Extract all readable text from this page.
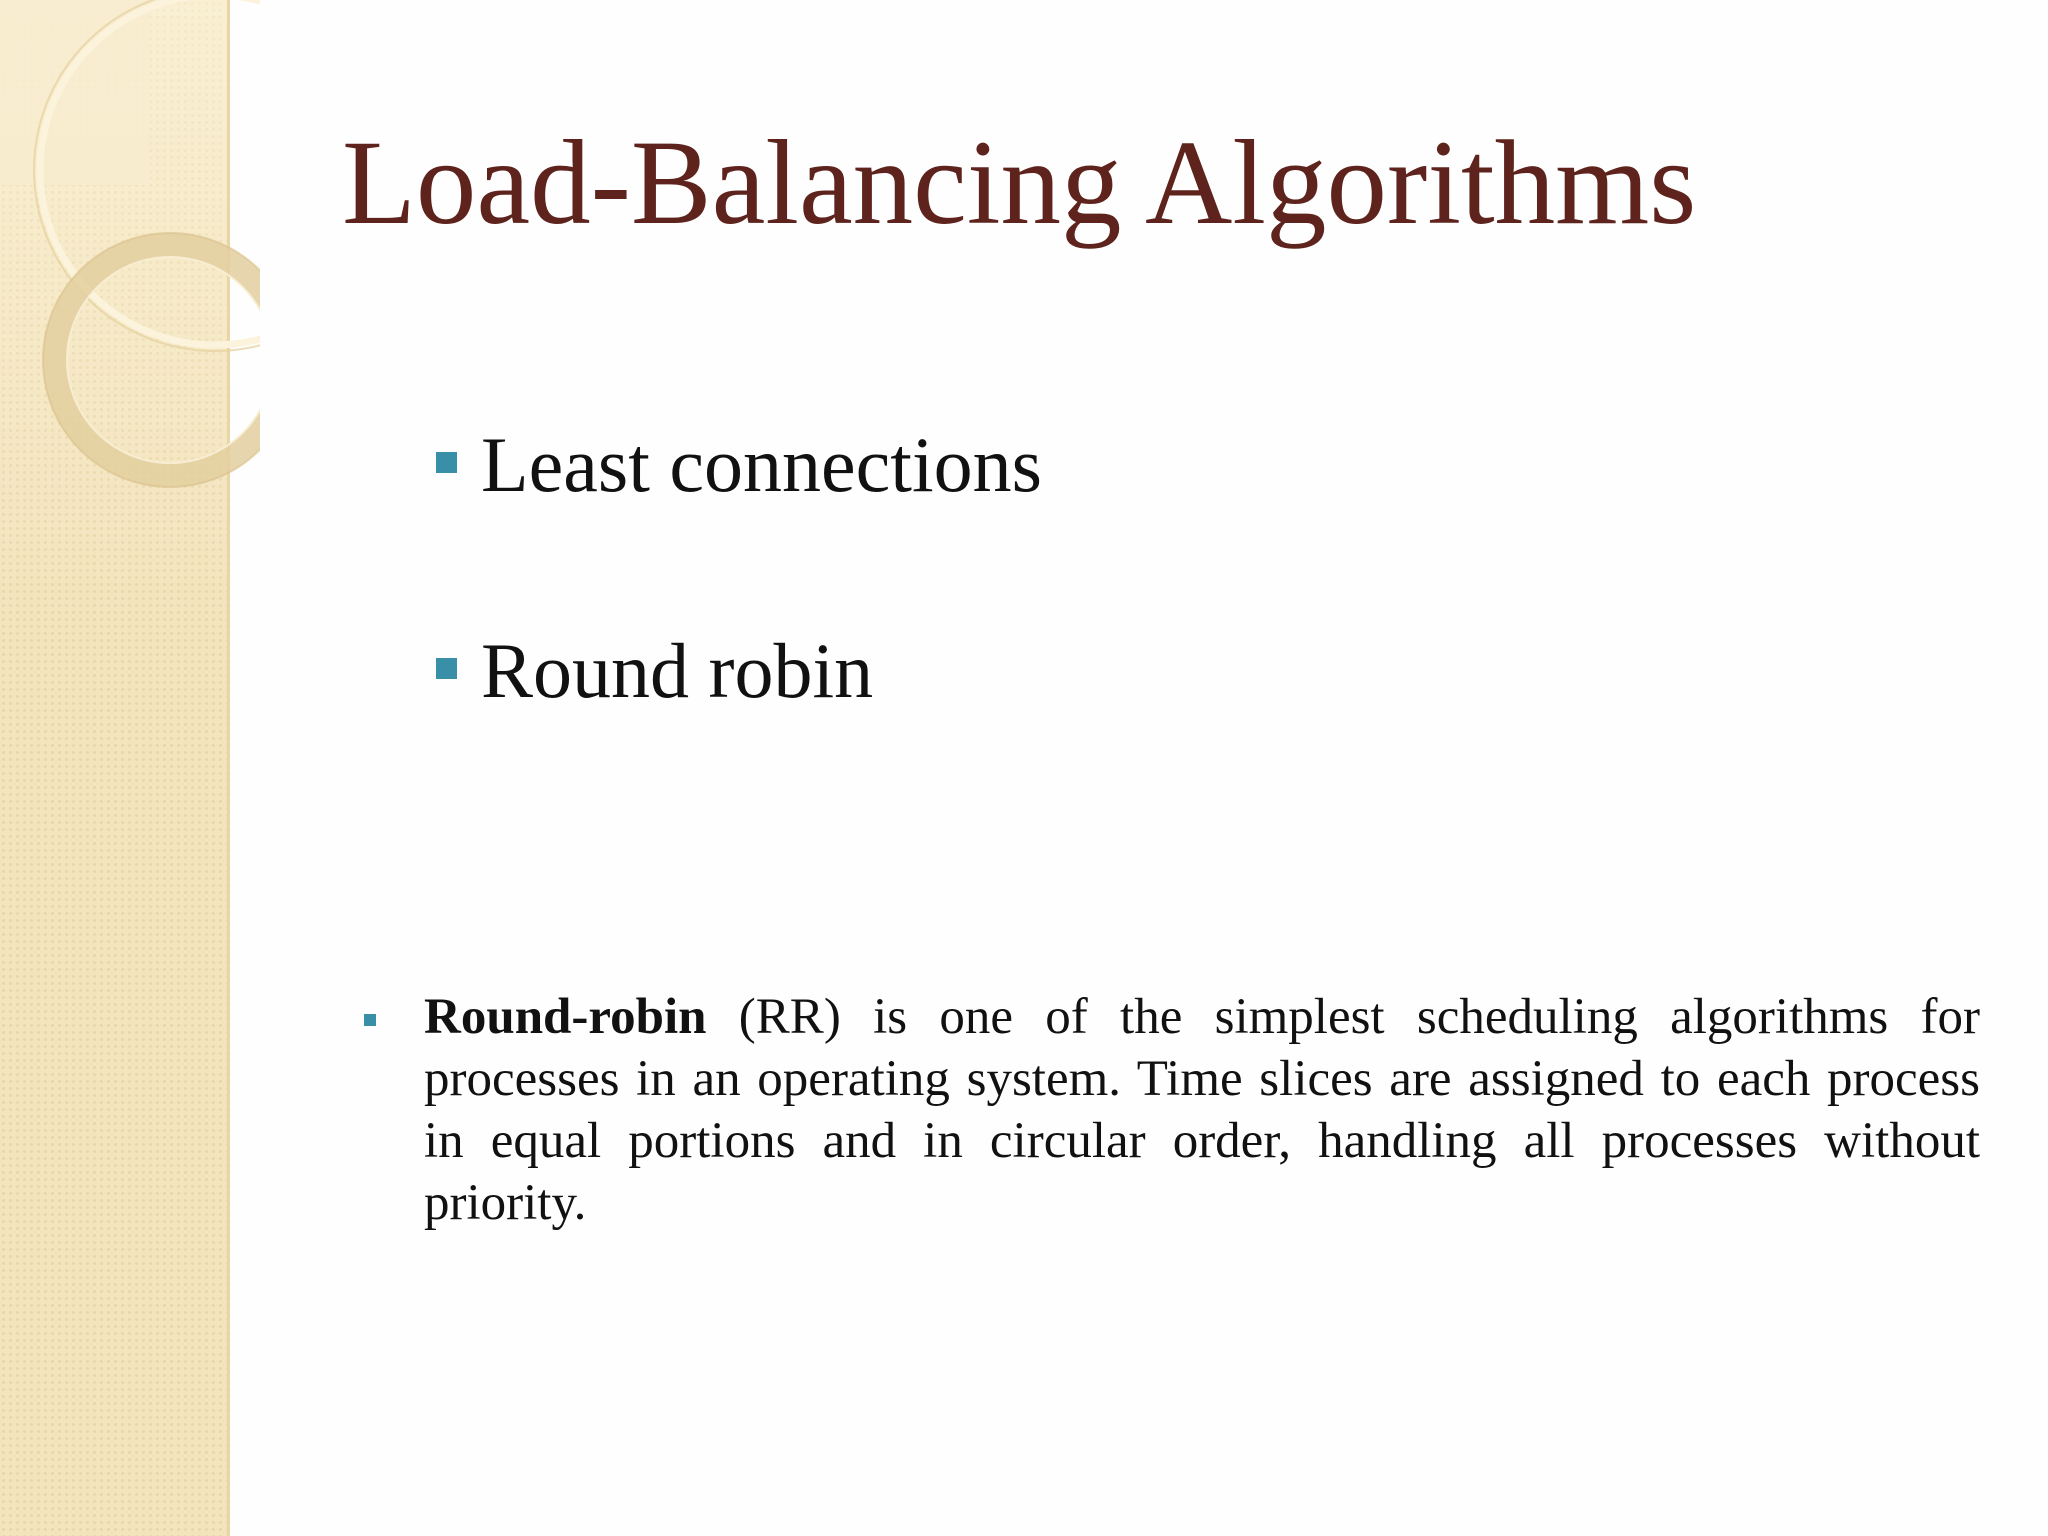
Load-Balancing Algorithms
Least connections
Round robin

Round-robin (RR) is one of the simplest scheduling algorithms for processes in an operating system. Time slices are assigned to each process in equal portions and in circular order, handling all processes without priority.
